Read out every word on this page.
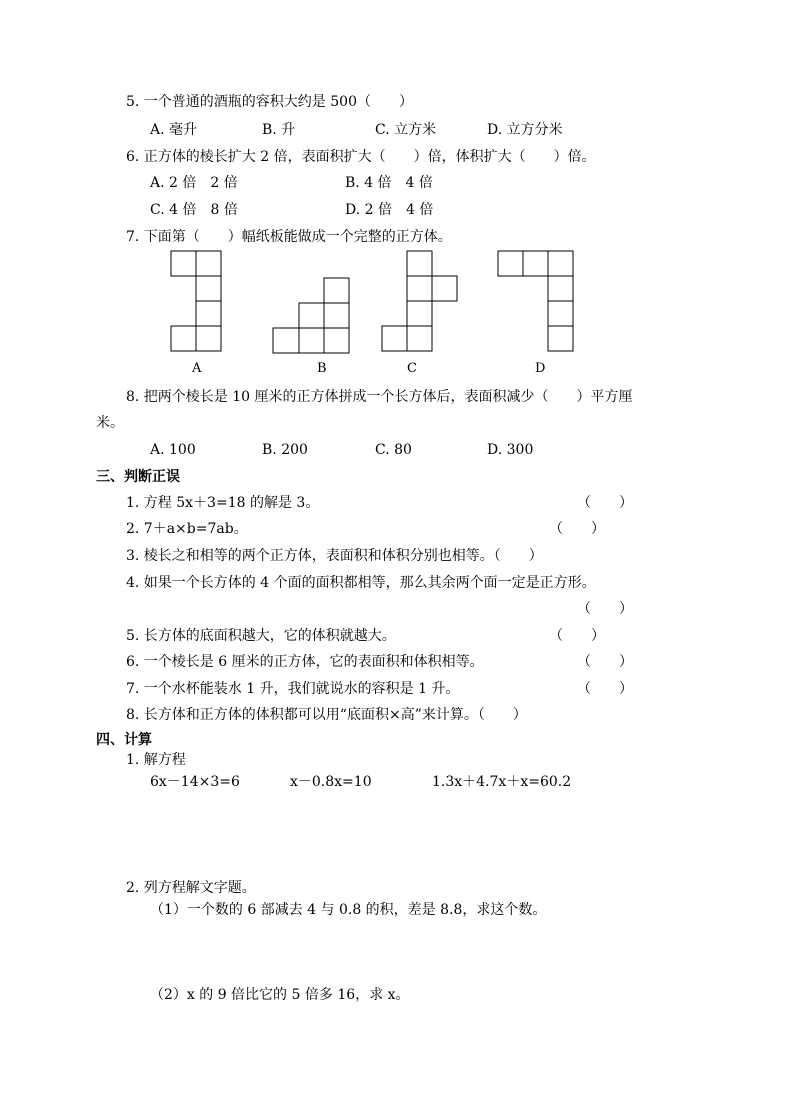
5. 一个普通的酒瓶的容积大约是 500（　　）
A. 毫升	B. 升	C. 立方米	D. 立方分米
6. 正方体的棱长扩大 2 倍，表面积扩大（　　）倍，体积扩大（　　）倍。
A. 2 倍　2 倍	B. 4 倍　4 倍
C. 4 倍　8 倍	D. 2 倍　4 倍
7. 下面第（　　）幅纸板能做成一个完整的正方体。
A	B	C	D
8. 把两个棱长是 10 厘米的正方体拼成一个长方体后，表面积减少（　　）平方厘
米。
A. 100	B. 200	C. 80	D. 300
三、判断正误
1. 方程 5x＋3=18 的解是 3。	（　　）
2. 7＋a×b=7ab。	（　　）
3. 棱长之和相等的两个正方体，表面积和体积分别也相等。（　　）
4. 如果一个长方体的 4 个面的面积都相等，那么其余两个面一定是正方形。
（　　）
5. 长方体的底面积越大，它的体积就越大。	（　　）
6. 一个棱长是 6 厘米的正方体，它的表面积和体积相等。	（　　）
7. 一个水杯能装水 1 升，我们就说水的容积是 1 升。	（　　）
8. 长方体和正方体的体积都可以用“底面积×高”来计算。（　　）
四、计算
1. 解方程
6x－14×3=6	x－0.8x=10	1.3x＋4.7x＋x=60.2
2. 列方程解文字题。
（1）一个数的 6 部减去 4 与 0.8 的积，差是 8.8，求这个数。
（2）x 的 9 倍比它的 5 倍多 16，求 x。
